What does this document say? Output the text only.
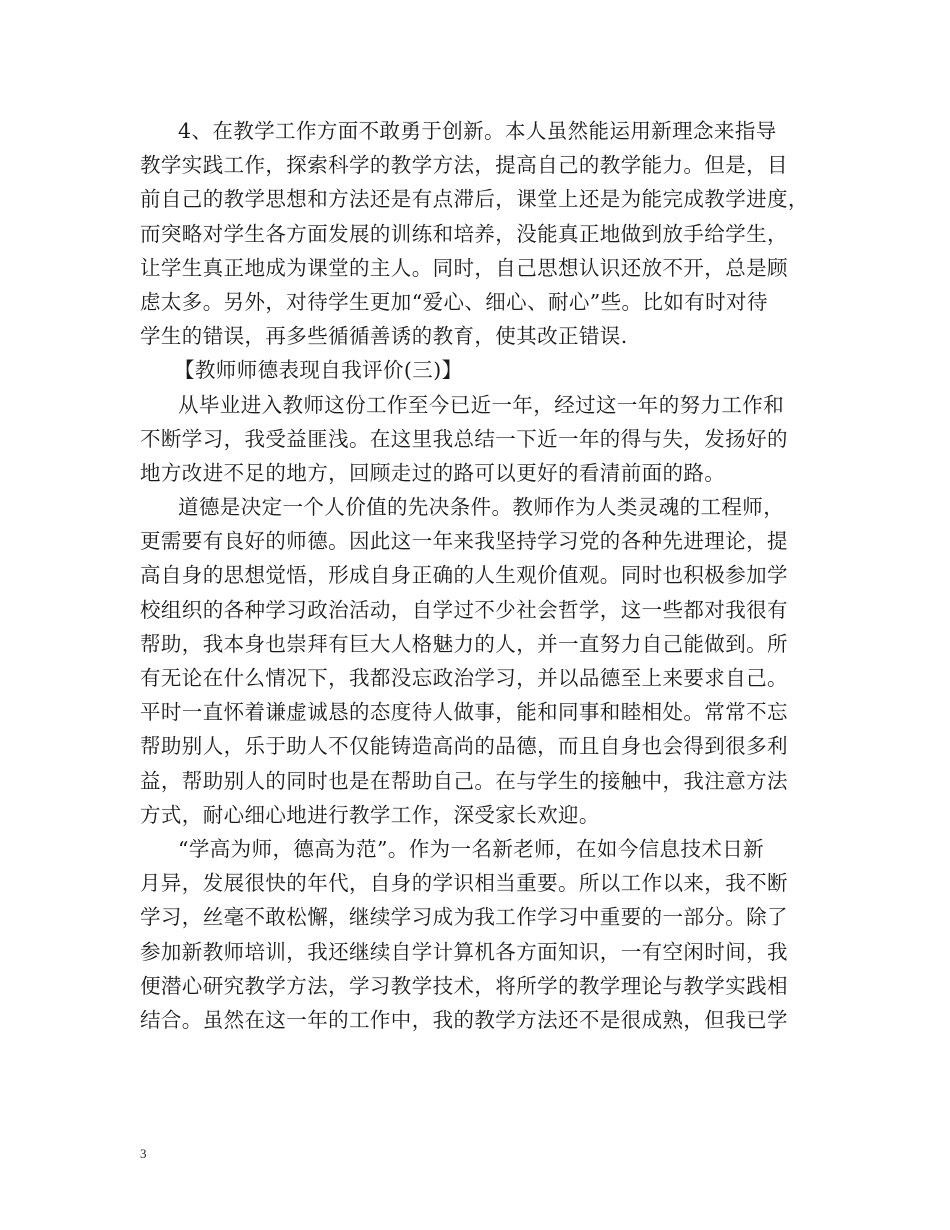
4、在教学工作方面不敢勇于创新。本人虽然能运用新理念来指导
教学实践工作，探索科学的教学方法，提高自己的教学能力。但是，目
前自己的教学思想和方法还是有点滞后，课堂上还是为能完成教学进度，
而突略对学生各方面发展的训练和培养，没能真正地做到放手给学生，
让学生真正地成为课堂的主人。同时，自己思想认识还放不开，总是顾
虑太多。另外，对待学生更加“爱心、细心、耐心”些。比如有时对待
学生的错误，再多些循循善诱的教育，使其改正错误.
【教师师德表现自我评价(三)】
从毕业进入教师这份工作至今已近一年，经过这一年的努力工作和
不断学习，我受益匪浅。在这里我总结一下近一年的得与失，发扬好的
地方改进不足的地方，回顾走过的路可以更好的看清前面的路。
道德是决定一个人价值的先决条件。教师作为人类灵魂的工程师，
更需要有良好的师德。因此这一年来我坚持学习党的各种先进理论，提
高自身的思想觉悟，形成自身正确的人生观价值观。同时也积极参加学
校组织的各种学习政治活动，自学过不少社会哲学，这一些都对我很有
帮助，我本身也崇拜有巨大人格魅力的人，并一直努力自己能做到。所
有无论在什么情况下，我都没忘政治学习，并以品德至上来要求自己。
平时一直怀着谦虚诚恳的态度待人做事，能和同事和睦相处。常常不忘
帮助别人，乐于助人不仅能铸造高尚的品德，而且自身也会得到很多利
益，帮助别人的同时也是在帮助自己。在与学生的接触中，我注意方法
方式，耐心细心地进行教学工作，深受家长欢迎。
“学高为师，德高为范”。作为一名新老师，在如今信息技术日新
月异，发展很快的年代，自身的学识相当重要。所以工作以来，我不断
学习，丝毫不敢松懈，继续学习成为我工作学习中重要的一部分。除了
参加新教师培训，我还继续自学计算机各方面知识，一有空闲时间，我
便潜心研究教学方法，学习教学技术，将所学的教学理论与教学实践相
结合。虽然在这一年的工作中，我的教学方法还不是很成熟，但我已学
3
